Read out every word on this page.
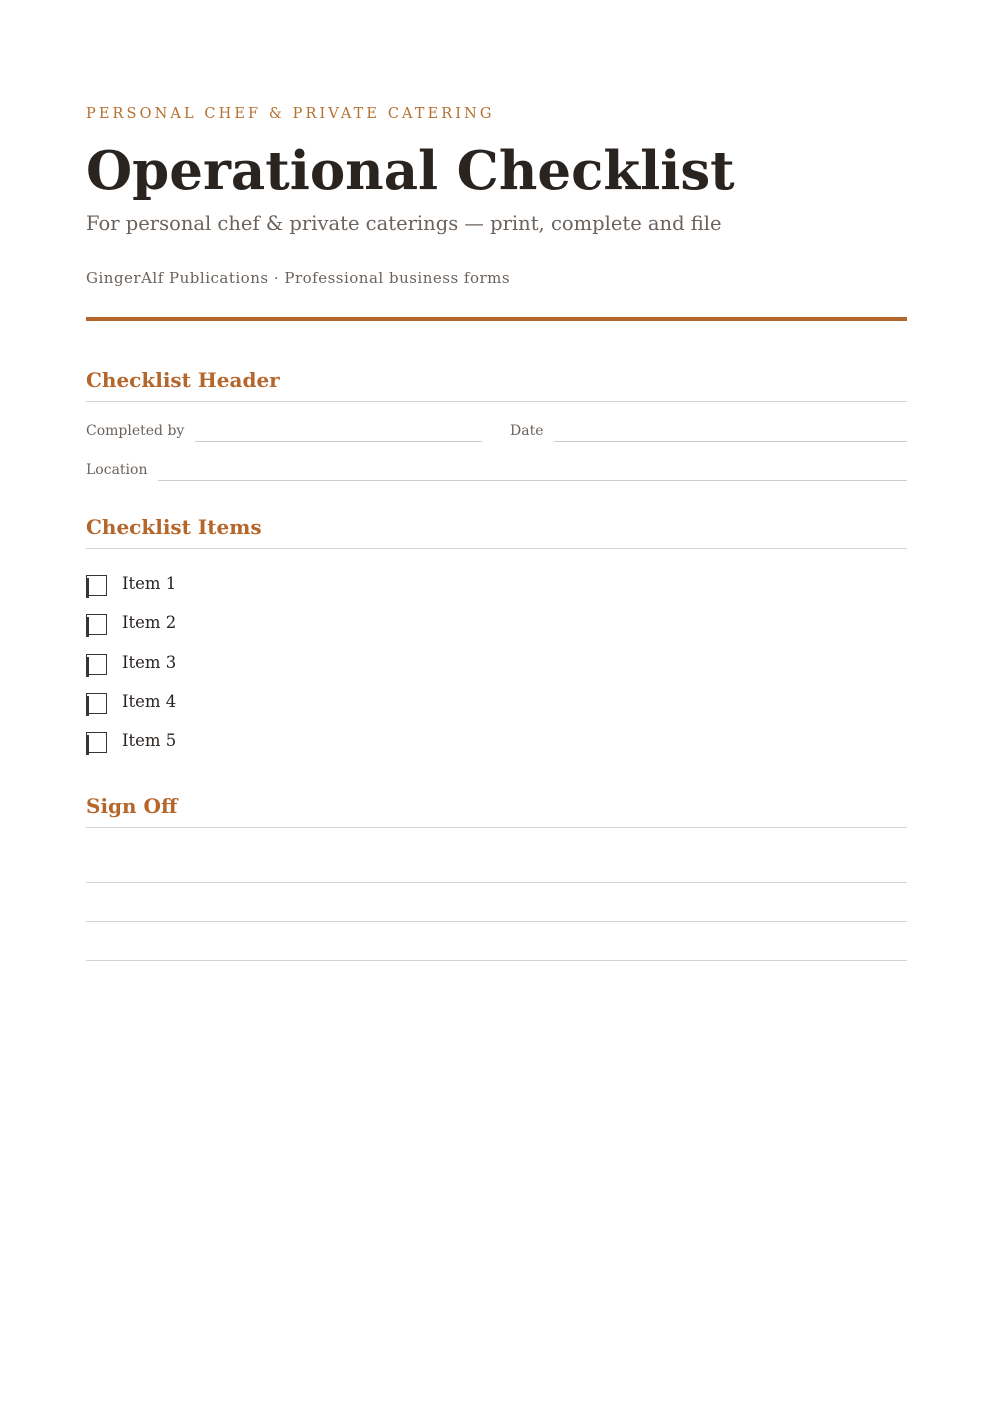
PERSONAL CHEF & PRIVATE CATERING
Operational Checklist
For personal chef & private caterings — print, complete and file
GingerAlf Publications · Professional business forms
Checklist Header
Completed by	Date
Location
Checklist Items
Item 1
Item 2
Item 3
Item 4
Item 5
Sign Off
